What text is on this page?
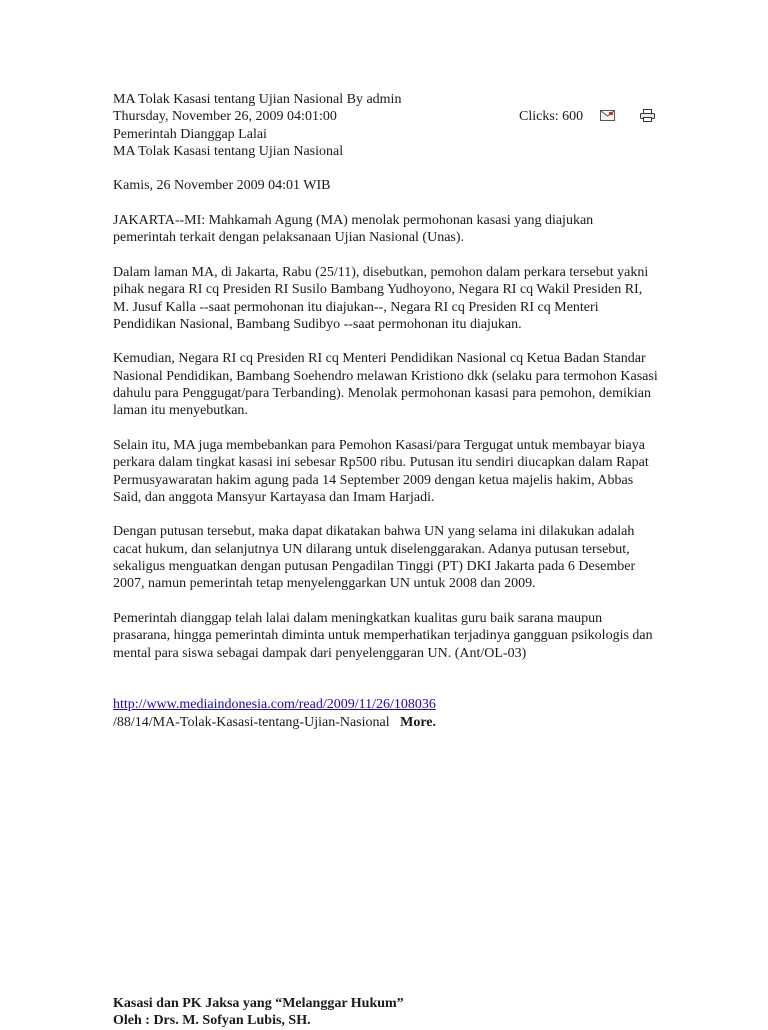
MA Tolak Kasasi tentang Ujian Nasional By admin
Thursday, November 26, 2009 04:01:00	Clicks: 600

Pemerintah Dianggap Lalai

MA Tolak Kasasi tentang Ujian Nasional

Kamis, 26 November 2009 04:01 WIB

JAKARTA--MI: Mahkamah Agung (MA) menolak permohonan kasasi yang diajukan pemerintah terkait dengan pelaksanaan Ujian Nasional (Unas).

Dalam laman MA, di Jakarta, Rabu (25/11), disebutkan, pemohon dalam perkara tersebut yakni pihak negara RI cq Presiden RI Susilo Bambang Yudhoyono, Negara RI cq Wakil Presiden RI, M. Jusuf Kalla --saat permohonan itu diajukan--, Negara RI cq Presiden RI cq Menteri Pendidikan Nasional, Bambang Sudibyo --saat permohonan itu diajukan.

Kemudian, Negara RI cq Presiden RI cq Menteri Pendidikan Nasional cq Ketua Badan Standar Nasional Pendidikan, Bambang Soehendro melawan Kristiono dkk (selaku para termohon Kasasi dahulu para Penggugat/para Terbanding). Menolak permohonan kasasi para pemohon, demikian laman itu menyebutkan.

Selain itu, MA juga membebankan para Pemohon Kasasi/para Tergugat untuk membayar biaya perkara dalam tingkat kasasi ini sebesar Rp500 ribu. Putusan itu sendiri diucapkan dalam Rapat Permusyawaratan hakim agung pada 14 September 2009 dengan ketua majelis hakim, Abbas Said, dan anggota Mansyur Kartayasa dan Imam Harjadi.

Dengan putusan tersebut, maka dapat dikatakan bahwa UN yang selama ini dilakukan adalah cacat hukum, dan selanjutnya UN dilarang untuk diselenggarakan. Adanya putusan tersebut, sekaligus menguatkan dengan putusan Pengadilan Tinggi (PT) DKI Jakarta pada 6 Desember 2007, namun pemerintah tetap menyelenggarkan UN untuk 2008 dan 2009.

Pemerintah dianggap telah lalai dalam meningkatkan kualitas guru baik sarana maupun prasarana, hingga pemerintah diminta untuk memperhatikan terjadinya gangguan psikologis dan mental para siswa sebagai dampak dari penyelenggaran UN. (Ant/OL-03)

http://www.mediaindonesia.com/read/2009/11/26/108036

/88/14/MA-Tolak-Kasasi-tentang-Ujian-Nasional More.

Kasasi dan PK Jaksa yang “Melanggar Hukum”

Oleh : Drs. M. Sofyan Lubis, SH.
